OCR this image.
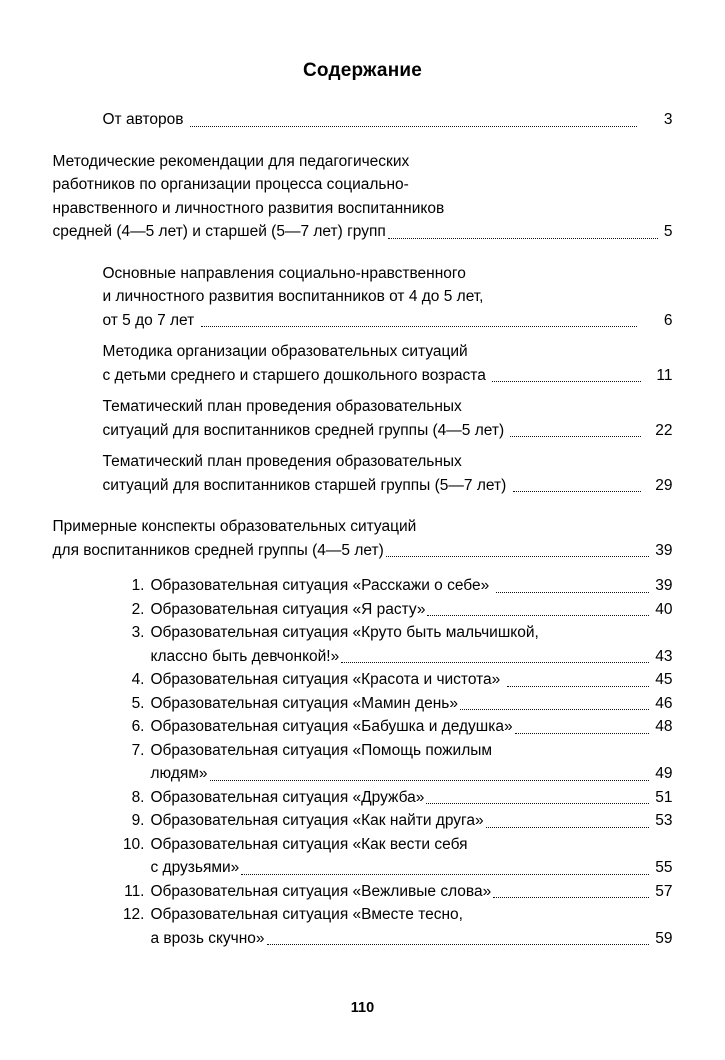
Содержание
От авторов	3
Методические рекомендации для педагогических
работников по организации процесса социально-
нравственного и личностного развития воспитанников
средней (4—5 лет) и старшей (5—7 лет) групп	5
Основные направления социально-нравственного
и личностного развития воспитанников от 4 до 5 лет,
от 5 до 7 лет	6
Методика организации образовательных ситуаций
с детьми среднего и старшего дошкольного возраста	11
Тематический план проведения образовательных
ситуаций для воспитанников средней группы (4—5 лет)	22
Тематический план проведения образовательных
ситуаций для воспитанников старшей группы (5—7 лет)	29
Примерные конспекты образовательных ситуаций
для воспитанников средней группы (4—5 лет)	39
1. Образовательная ситуация «Расскажи о себе»	39
2. Образовательная ситуация «Я расту»	40
3. Образовательная ситуация «Круто быть мальчишкой,
классно быть девчонкой!»	43
4. Образовательная ситуация «Красота и чистота»	45
5. Образовательная ситуация «Мамин день»	46
6. Образовательная ситуация «Бабушка и дедушка»	48
7. Образовательная ситуация «Помощь пожилым
людям»	49
8. Образовательная ситуация «Дружба»	51
9. Образовательная ситуация «Как найти друга»	53
10. Образовательная ситуация «Как вести себя
с друзьями»	55
11. Образовательная ситуация «Вежливые слова»	57
12. Образовательная ситуация «Вместе тесно,
а врозь скучно»	59
110
